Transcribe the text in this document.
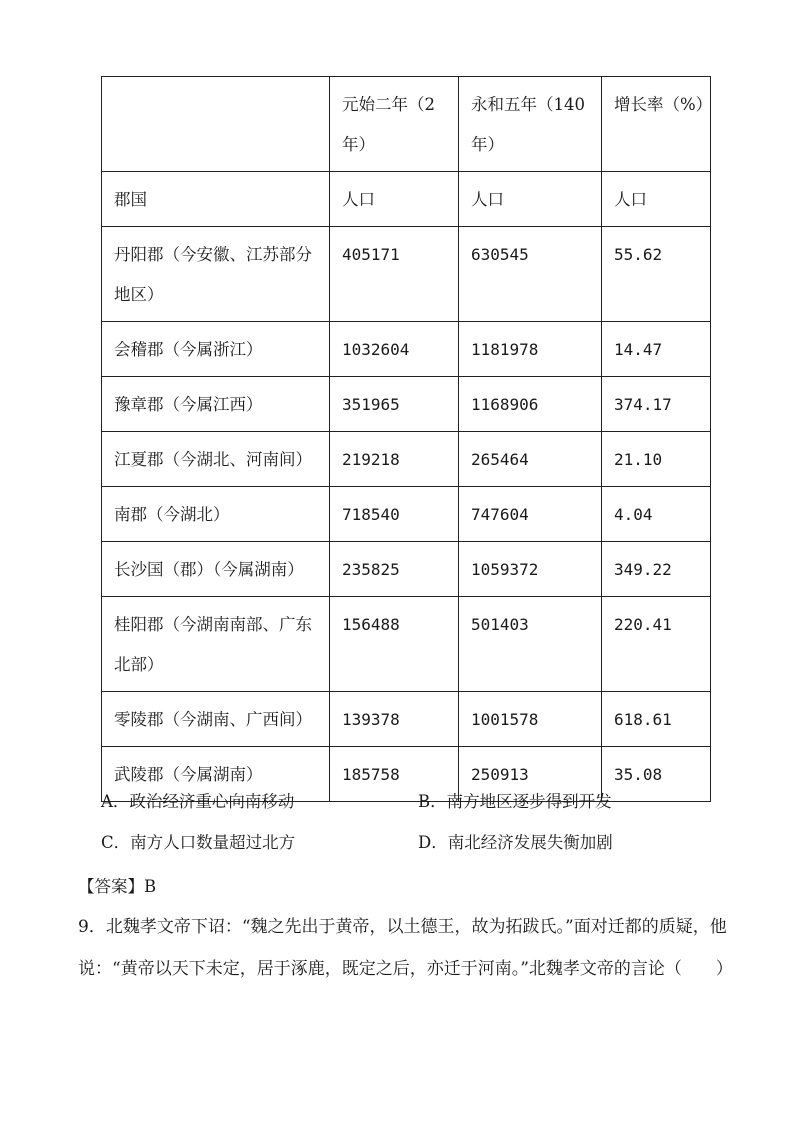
	元始二年（2年）	永和五年（140年）	增长率（%）
郡国	人口	人口	人口
丹阳郡（今安徽、江苏部分地区）	405171	630545	55.62
会稽郡（今属浙江）	1032604	1181978	14.47
豫章郡（今属江西）	351965	1168906	374.17
江夏郡（今湖北、河南间）	219218	265464	21.10
南郡（今湖北）	718540	747604	4.04
长沙国（郡）（今属湖南）	235825	1059372	349.22
桂阳郡（今湖南南部、广东北部）	156488	501403	220.41
零陵郡（今湖南、广西间）	139378	1001578	618.61
武陵郡（今属湖南）	185758	250913	35.08
A．政治经济重心向南移动	B．南方地区逐步得到开发
C．南方人口数量超过北方	D．南北经济发展失衡加剧
【答案】B
9．北魏孝文帝下诏：“魏之先出于黄帝，以土德王，故为拓跋氏。”面对迁都的质疑，他说：“黄帝以天下未定，居于涿鹿，既定之后，亦迁于河南。”北魏孝文帝的言论（　　）
